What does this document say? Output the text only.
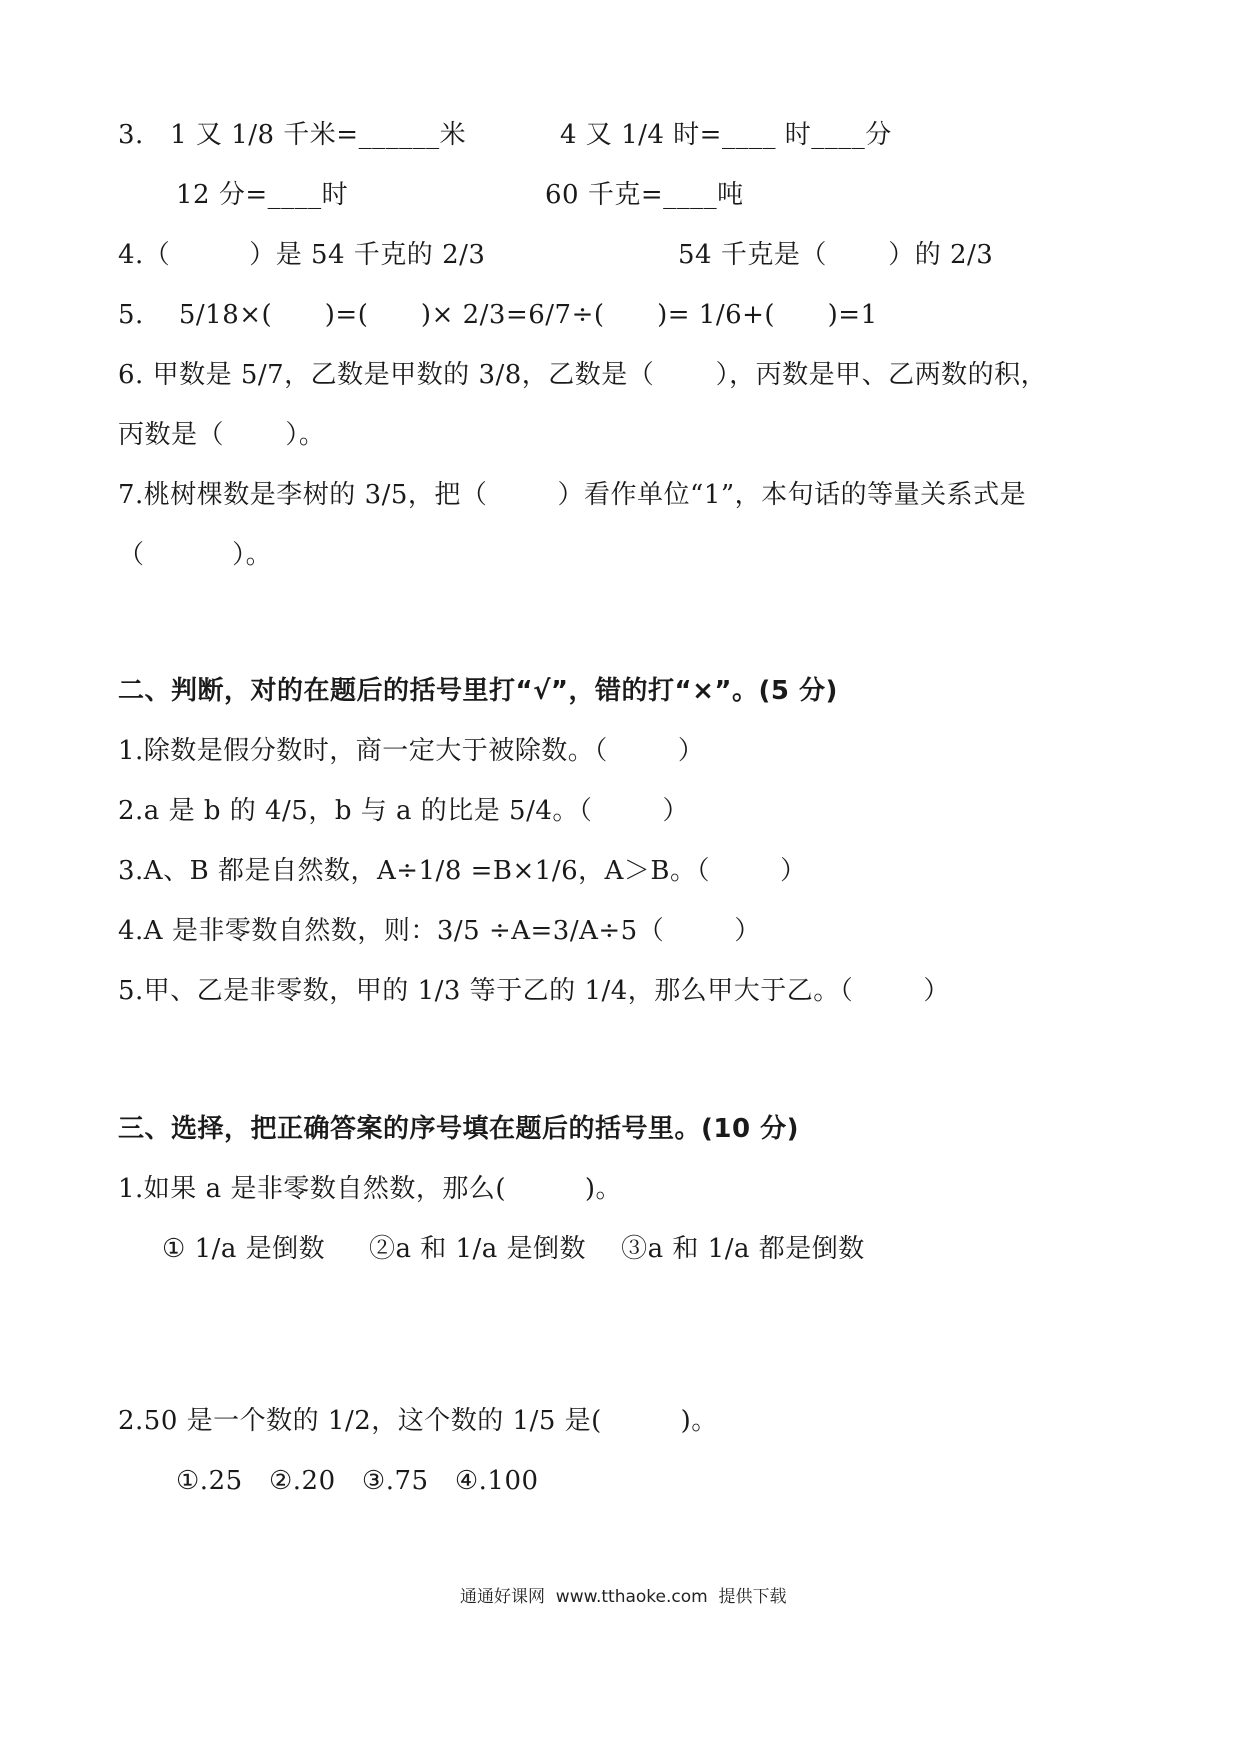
3.   1 又 1/8 千米=______米	4 又 1/4 时=____ 时____分
12 分=____时	60 千克=____吨
4.（         ）是 54 千克的 2/3	54 千克是（       ）的 2/3
5.    5/18×(      )=(      )× 2/3=6/7÷(      )= 1/6+(      )=1
6. 甲数是 5/7，乙数是甲数的 3/8，乙数是（       ），丙数是甲、乙两数的积，
丙数是（       ）。
7.桃树棵数是李树的 3/5，把（        ）看作单位“1”，本句话的等量关系式是
（          ）。
二、判断，对的在题后的括号里打“√”，错的打“×”。(5 分)
1.除数是假分数时，商一定大于被除数。（        ）
2.a 是 b 的 4/5，b 与 a 的比是 5/4。（        ）
3.A、B 都是自然数，A÷1/8 =B×1/6，A＞B。（        ）
4.A 是非零数自然数，则：3/5 ÷A=3/A÷5（        ）
5.甲、乙是非零数，甲的 1/3 等于乙的 1/4，那么甲大于乙。（        ）
三、选择，把正确答案的序号填在题后的括号里。(10 分)
1.如果 a 是非零数自然数，那么(         )。
① 1/a 是倒数     ②a 和 1/a 是倒数    ③a 和 1/a 都是倒数
2.50 是一个数的 1/2，这个数的 1/5 是(         )。
①.25   ②.20   ③.75   ④.100
通通好课网  www.tthaoke.com  提供下载
